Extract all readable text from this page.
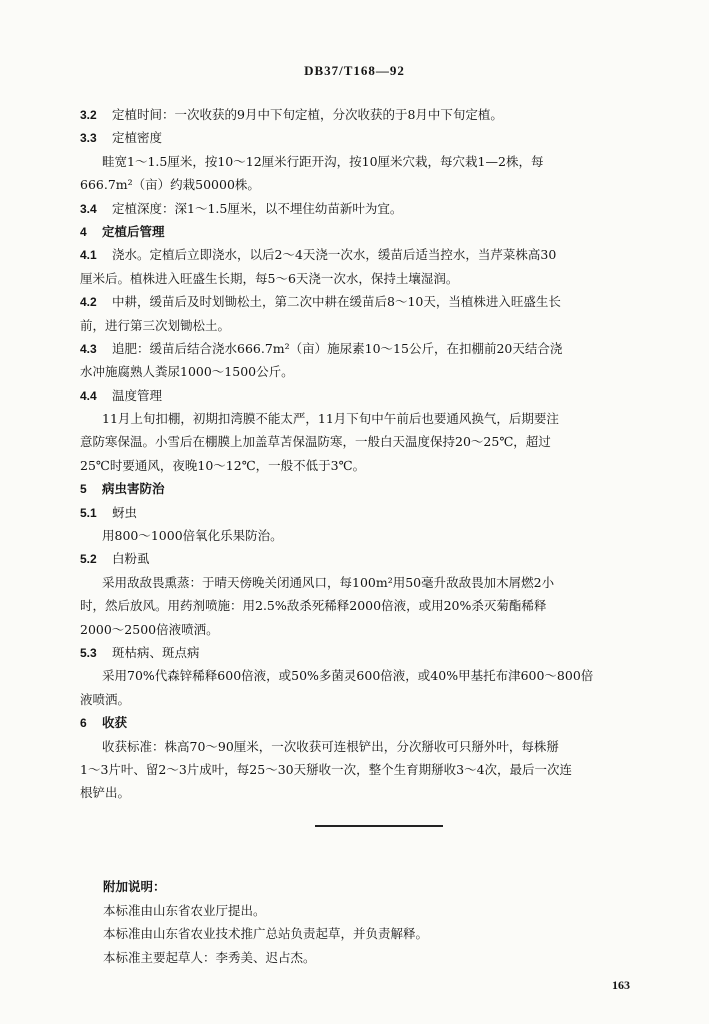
DB37/T168—92
3.2 定植时间：一次收获的9月中下旬定植，分次收获的于8月中下旬定植。
3.3 定植密度
畦宽1～1.5厘米，按10～12厘米行距开沟，按10厘米穴栽，每穴栽1—2株，每
666.7m²（亩）约栽50000株。
3.4 定植深度：深1～1.5厘米，以不埋住幼苗新叶为宜。
4 定植后管理
4.1 浇水。定植后立即浇水，以后2～4天浇一次水，缓苗后适当控水，当芹菜株高30
厘米后。植株进入旺盛生长期，每5～6天浇一次水，保持土壤湿润。
4.2 中耕，缓苗后及时划锄松土，第二次中耕在缓苗后8～10天，当植株进入旺盛生长
前，进行第三次划锄松土。
4.3 追肥：缓苗后结合浇水666.7m²（亩）施尿素10～15公斤，在扣棚前20天结合浇
水冲施腐熟人粪尿1000～1500公斤。
4.4 温度管理
11月上旬扣棚，初期扣湾膜不能太严，11月下旬中午前后也要通风换气，后期要注
意防寒保温。小雪后在棚膜上加盖草苫保温防寒，一般白天温度保持20～25℃，超过
25℃时要通风，夜晚10～12℃，一般不低于3℃。
5 病虫害防治
5.1 蚜虫
用800～1000倍氧化乐果防治。
5.2 白粉虱
采用敌敌畏熏蒸：于晴天傍晚关闭通风口，每100m²用50毫升敌敌畏加木屑燃2小
时，然后放风。用药剂喷施：用2.5%敌杀死稀释2000倍液，或用20%杀灭菊酯稀释
2000～2500倍液喷洒。
5.3 斑枯病、斑点病
采用70%代森锌稀释600倍液，或50%多菌灵600倍液，或40%甲基托布津600～800倍
液喷洒。
6 收获
收获标准：株高70～90厘米，一次收获可连根铲出，分次掰收可只掰外叶，每株掰
1～3片叶、留2～3片成叶，每25～30天掰收一次，整个生育期掰收3～4次，最后一次连
根铲出。
附加说明：
本标准由山东省农业厅提出。
本标准由山东省农业技术推广总站负责起草，并负责解释。
本标准主要起草人：李秀美、迟占杰。
163
